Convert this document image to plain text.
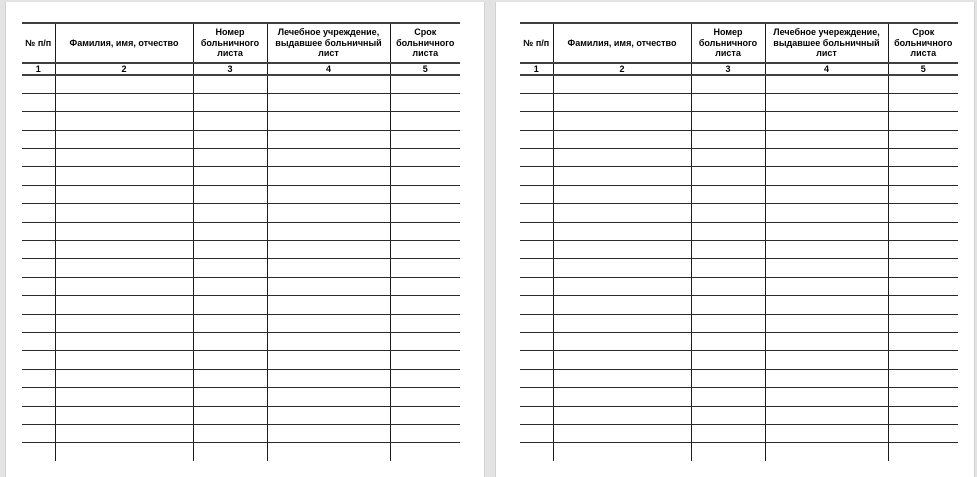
№ п/п	Фамилия, имя, отчество	Номер больничного листа	Лечебное учреждение, выдавшее больничный лист	Срок больничного листа
1	2	3	4	5

№ п/п	Фамилия, имя, отчество	Номер больничного листа	Лечебное учереждение, выдавшее больничный лист	Срок больничного листа
1	2	3	4	5
